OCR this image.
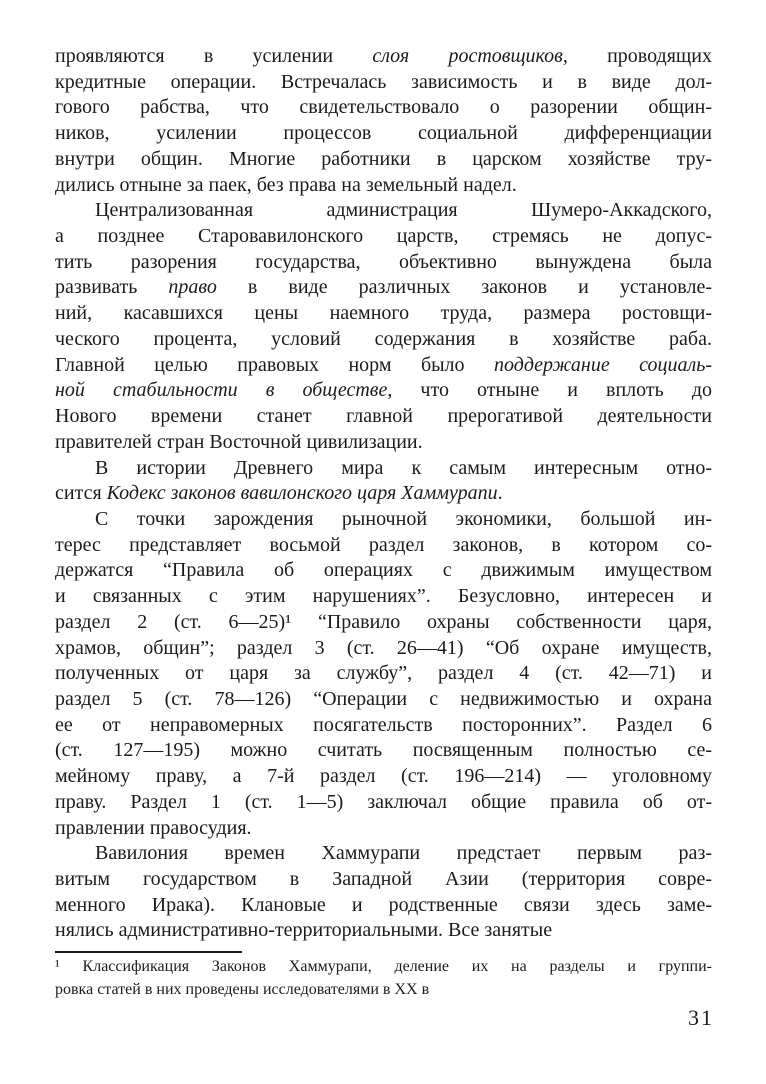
проявляются в усилении слоя ростовщиков, проводящих
кредитные операции. Встречалась зависимость и в виде дол-
гового рабства, что свидетельствовало о разорении общин-
ников, усилении процессов социальной дифференциации
внутри общин. Многие работники в царском хозяйстве тру-
дились отныне за паек, без права на земельный надел.
Централизованная администрация Шумеро-Аккадского,
а позднее Старовавилонского царств, стремясь не допус-
тить разорения государства, объективно вынуждена была
развивать право в виде различных законов и установле-
ний, касавшихся цены наемного труда, размера ростовщи-
ческого процента, условий содержания в хозяйстве раба.
Главной целью правовых норм было поддержание социаль-
ной стабильности в обществе, что отныне и вплоть до
Нового времени станет главной прерогативой деятельности
правителей стран Восточной цивилизации.
В истории Древнего мира к самым интересным отно-
сится Кодекс законов вавилонского царя Хаммурапи.
С точки зарождения рыночной экономики, большой ин-
терес представляет восьмой раздел законов, в котором со-
держатся “Правила об операциях с движимым имуществом
и связанных с этим нарушениях”. Безусловно, интересен и
раздел 2 (ст. 6—25)¹ “Правило охраны собственности царя,
храмов, общин”; раздел 3 (ст. 26—41) “Об охране имуществ,
полученных от царя за службу”, раздел 4 (ст. 42—71) и
раздел 5 (ст. 78—126) “Операции с недвижимостью и охрана
ее от неправомерных посягательств посторонних”. Раздел 6
(ст. 127—195) можно считать посвященным полностью се-
мейному праву, а 7-й раздел (ст. 196—214) — уголовному
праву. Раздел 1 (ст. 1—5) заключал общие правила об от-
правлении правосудия.
Вавилония времен Хаммурапи предстает первым раз-
витым государством в Западной Азии (территория совре-
менного Ирака). Клановые и родственные связи здесь заме-
нялись административно-территориальными. Все занятые
¹ Классификация Законов Хаммурапи, деление их на разделы и группи-
ровка статей в них проведены исследователями в XX в
31
